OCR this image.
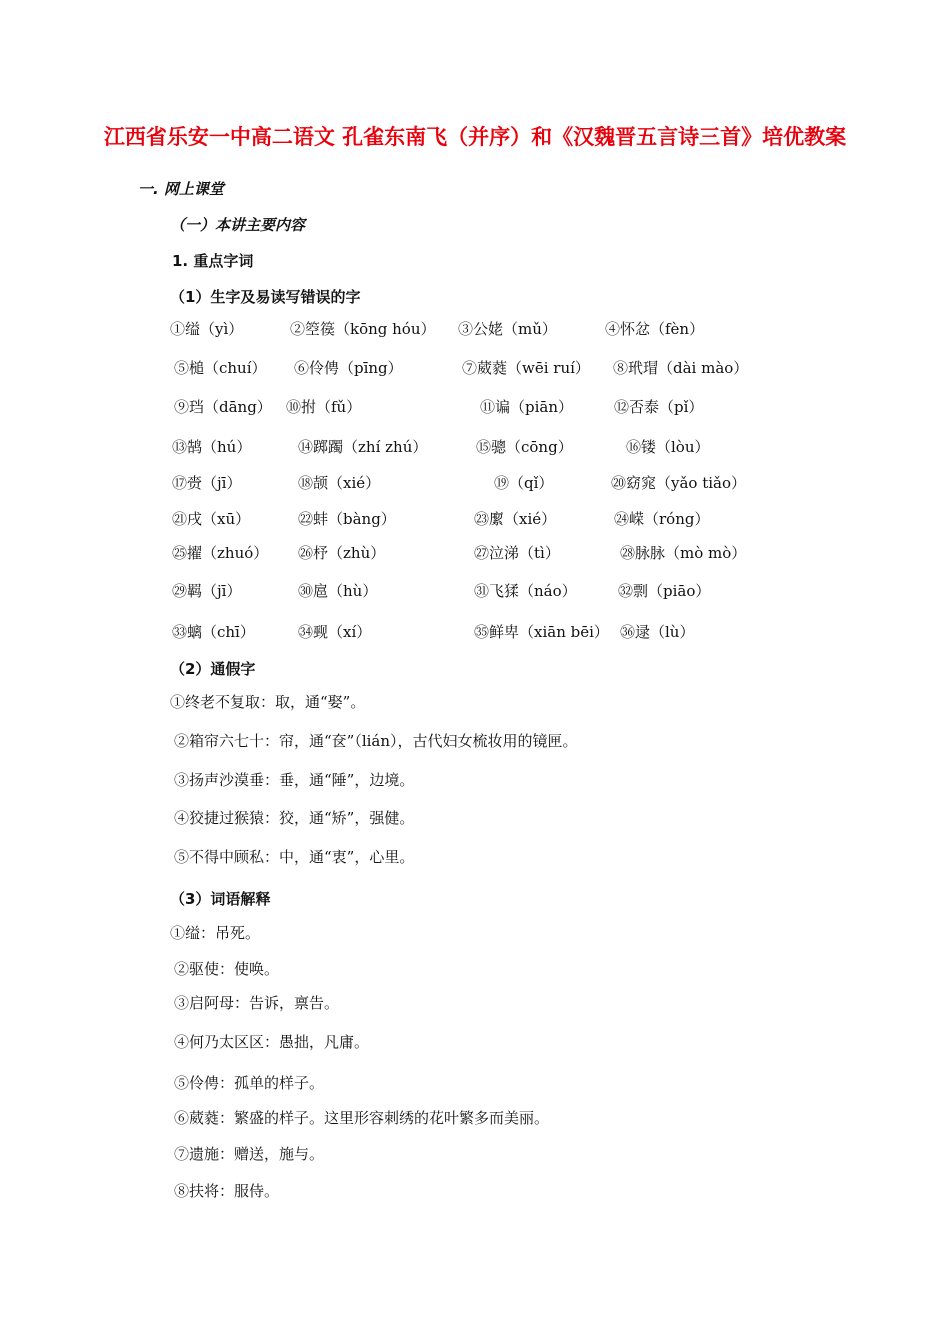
江西省乐安一中高二语文 孔雀东南飞（并序）和《汉魏晋五言诗三首》培优教案
一. 网上课堂
（一）本讲主要内容
1. 重点字词
（1）生字及易读写错误的字
①缢（yì）	②箜篌（kōng hóu） ③公姥（mǔ）	④怀忿（fèn）
⑤槌（chuí） ⑥伶俜（pīng）	⑦葳蕤（wēi ruí） ⑧玳瑁（dài mào）
⑨珰（dāng） ⑩拊（fǔ）	⑪谝（piān）	⑫否泰（pǐ）
⑬鹄（hú）	⑭踯躅（zhí zhú）	⑮骢（cōng）	⑯镂（lòu）
⑰赍（jī）	⑱颉（xié）	⑲（qǐ）	⑳窈窕（yǎo tiǎo）
㉑戌（xū）	㉒蚌（bàng）	㉓緳（xié）	㉔嵘（róng）
㉕擢（zhuó） ㉖杼（zhù）	㉗泣涕（tì）	㉘脉脉（mò mò）
㉙羁（jī）	㉚扈（hù）	㉛飞猱（náo）	㉜剽（piāo）
㉝螭（chī）	㉞觋（xí）	㉟鲜卑（xiān bēi） ㊱逯（lù）
（2）通假字
①终老不复取：取，通“娶”。
②箱帘六七十：帘，通“奁”（lián），古代妇女梳妆用的镜匣。
③扬声沙漠垂：垂，通“陲”，边境。
④狡捷过猴猿：狡，通“矫”，强健。
⑤不得中顾私：中，通“衷”，心里。
（3）词语解释
①缢：吊死。
②驱使：使唤。
③启阿母：告诉，禀告。
④何乃太区区：愚拙，凡庸。
⑤伶俜：孤单的样子。
⑥葳蕤：繁盛的样子。这里形容刺绣的花叶繁多而美丽。
⑦遗施：赠送，施与。
⑧扶将：服侍。
